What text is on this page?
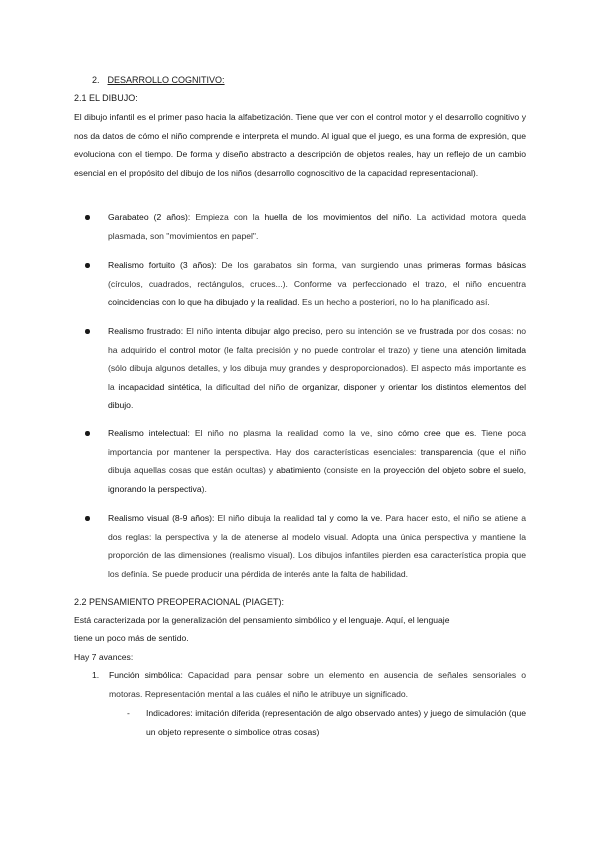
2. DESARROLLO COGNITIVO:
2.1 EL DIBUJO:
El dibujo infantil es el primer paso hacia la alfabetización. Tiene que ver con el control motor y el desarrollo cognitivo y nos da datos de cómo el niño comprende e interpreta el mundo. Al igual que el juego, es una forma de expresión, que evoluciona con el tiempo. De forma y diseño abstracto a descripción de objetos reales, hay un reflejo de un cambio esencial en el propósito del dibujo de los niños (desarrollo cognoscitivo de la capacidad representacional).
Garabateo (2 años): Empieza con la huella de los movimientos del niño. La actividad motora queda plasmada, son "movimientos en papel".
Realismo fortuito (3 años): De los garabatos sin forma, van surgiendo unas primeras formas básicas (círculos, cuadrados, rectángulos, cruces...). Conforme va perfeccionado el trazo, el niño encuentra coincidencias con lo que ha dibujado y la realidad. Es un hecho a posteriori, no lo ha planificado así.
Realismo frustrado: El niño intenta dibujar algo preciso, pero su intención se ve frustrada por dos cosas: no ha adquirido el control motor (le falta precisión y no puede controlar el trazo) y tiene una atención limitada (sólo dibuja algunos detalles, y los dibuja muy grandes y desproporcionados). El aspecto más importante es la incapacidad sintética, la dificultad del niño de organizar, disponer y orientar los distintos elementos del dibujo.
Realismo intelectual: El niño no plasma la realidad como la ve, sino cómo cree que es. Tiene poca importancia por mantener la perspectiva. Hay dos características esenciales: transparencia (que el niño dibuja aquellas cosas que están ocultas) y abatimiento (consiste en la proyección del objeto sobre el suelo, ignorando la perspectiva).
Realismo visual (8-9 años): El niño dibuja la realidad tal y como la ve. Para hacer esto, el niño se atiene a dos reglas: la perspectiva y la de atenerse al modelo visual. Adopta una única perspectiva y mantiene la proporción de las dimensiones (realismo visual). Los dibujos infantiles pierden esa característica propia que los definía. Se puede producir una pérdida de interés ante la falta de habilidad.
2.2 PENSAMIENTO PREOPERACIONAL (PIAGET):
Está caracterizada por la generalización del pensamiento simbólico y el lenguaje. Aquí, el lenguaje
tiene un poco más de sentido.
Hay 7 avances:
1. Función simbólica: Capacidad para pensar sobre un elemento en ausencia de señales sensoriales o motoras. Representación mental a las cuáles el niño le atribuye un significado.
- Indicadores: imitación diferida (representación de algo observado antes) y juego de simulación (que un objeto represente o simbolice otras cosas)
